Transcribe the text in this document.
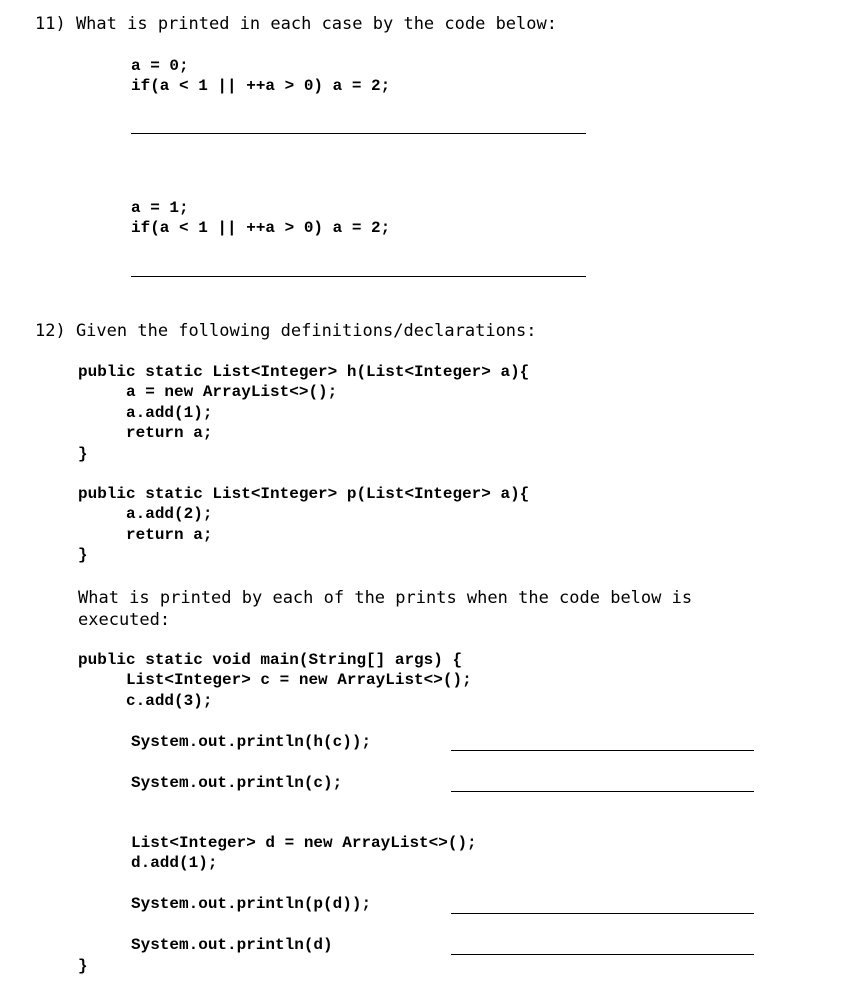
11) What is printed in each case by the code below:
a = 0;
if(a < 1 || ++a > 0) a = 2;
a = 1;
if(a < 1 || ++a > 0) a = 2;
12) Given the following definitions/declarations:
public static List<Integer> h(List<Integer> a){
a = new ArrayList<>();
a.add(1);
return a;
}
public static List<Integer> p(List<Integer> a){
a.add(2);
return a;
}
What is printed by each of the prints when the code below is
executed:
public static void main(String[] args) {
List<Integer> c = new ArrayList<>();
c.add(3);
System.out.println(h(c));
System.out.println(c);
List<Integer> d = new ArrayList<>();
d.add(1);
System.out.println(p(d));
System.out.println(d)
}
